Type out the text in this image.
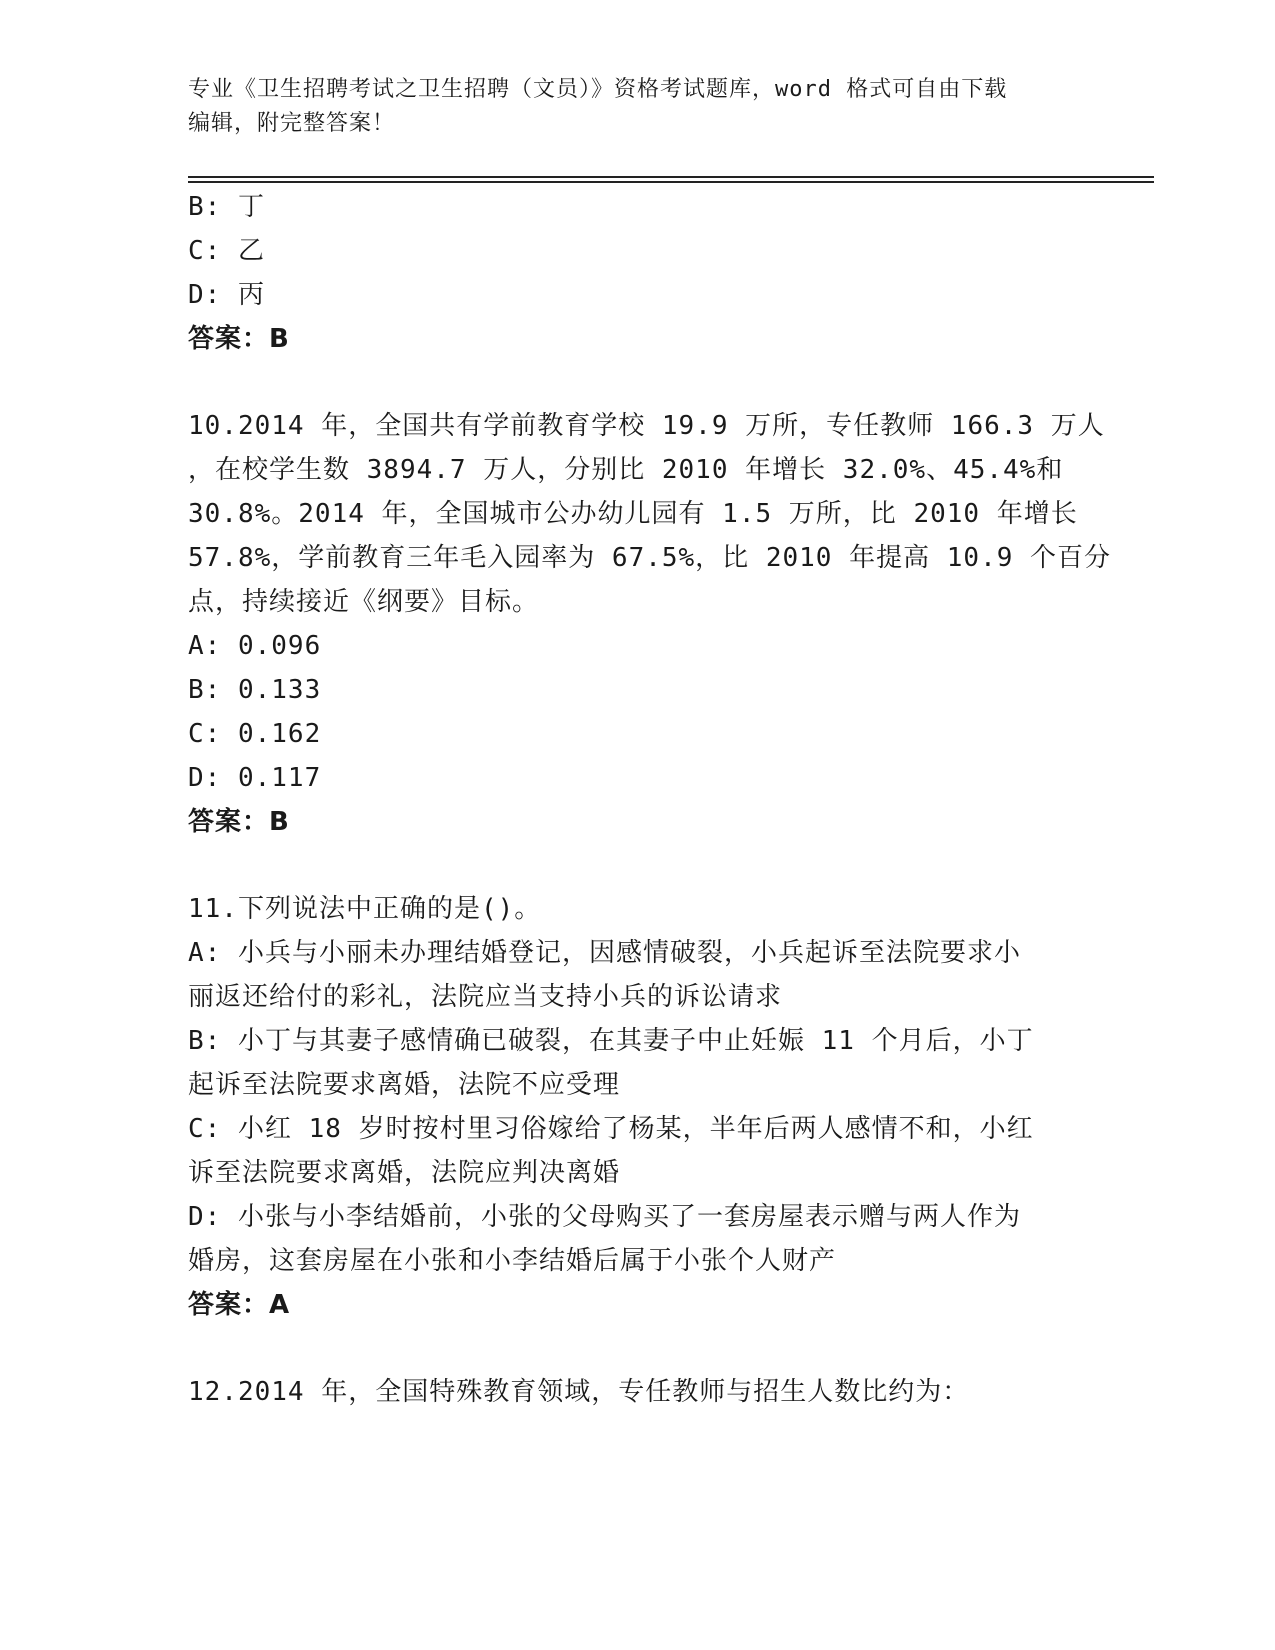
专业《卫生招聘考试之卫生招聘（文员）》资格考试题库，word 格式可自由下载
编辑，附完整答案！
B: 丁
C: 乙
D: 丙
答案：B
10.2014 年，全国共有学前教育学校 19.9 万所，专任教师 166.3 万人
，在校学生数 3894.7 万人，分别比 2010 年增长 32.0%、45.4%和
30.8%。2014 年，全国城市公办幼儿园有 1.5 万所，比 2010 年增长
57.8%，学前教育三年毛入园率为 67.5%，比 2010 年提高 10.9 个百分
点，持续接近《纲要》目标。
A: 0.096
B: 0.133
C: 0.162
D: 0.117
答案：B
11.下列说法中正确的是()。
A: 小兵与小丽未办理结婚登记，因感情破裂，小兵起诉至法院要求小
丽返还给付的彩礼，法院应当支持小兵的诉讼请求
B: 小丁与其妻子感情确已破裂，在其妻子中止妊娠 11 个月后，小丁
起诉至法院要求离婚，法院不应受理
C: 小红 18 岁时按村里习俗嫁给了杨某，半年后两人感情不和，小红
诉至法院要求离婚，法院应判决离婚
D: 小张与小李结婚前，小张的父母购买了一套房屋表示赠与两人作为
婚房，这套房屋在小张和小李结婚后属于小张个人财产
答案：A
12.2014 年，全国特殊教育领域，专任教师与招生人数比约为：
